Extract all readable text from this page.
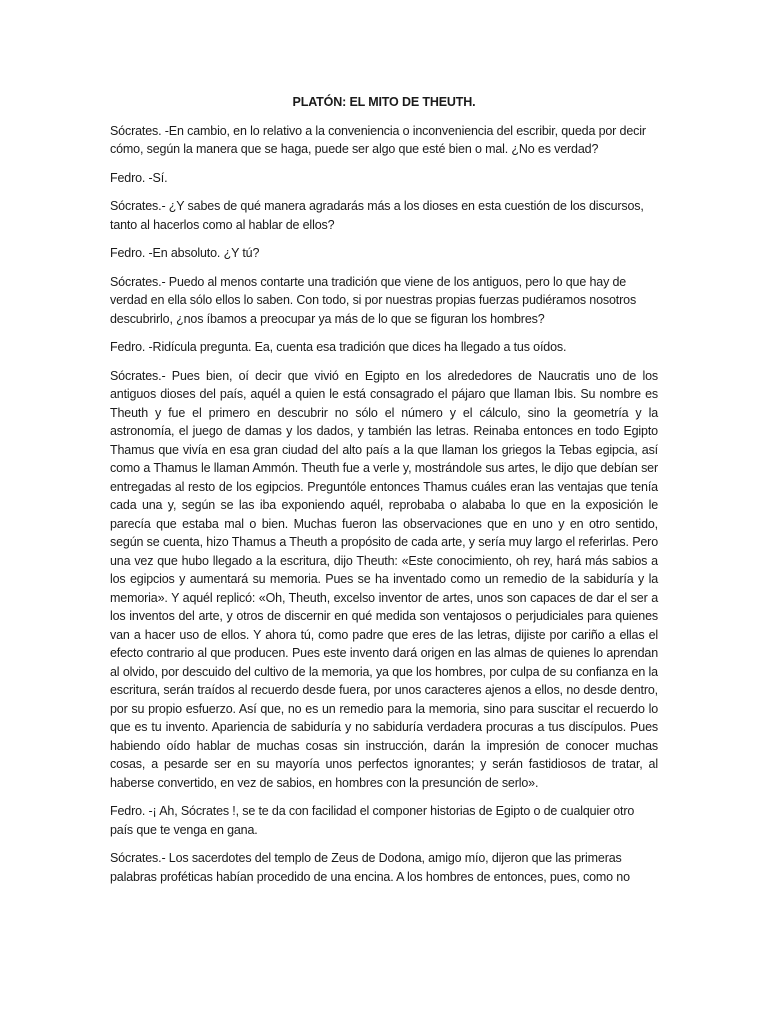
PLATÓN: EL MITO DE THEUTH.

Sócrates. -En cambio, en lo relativo a la conveniencia o inconveniencia del escribir, queda por decir cómo, según la manera que se haga, puede ser algo que esté bien o mal. ¿No es verdad?

Fedro. -Sí.

Sócrates.- ¿Y sabes de qué manera agradarás más a los dioses en esta cuestión de los discursos, tanto al hacerlos como al hablar de ellos?

Fedro. -En absoluto. ¿Y tú?

Sócrates.- Puedo al menos contarte una tradición que viene de los antiguos, pero lo que hay de verdad en ella sólo ellos lo saben. Con todo, si por nuestras propias fuerzas pudiéramos nosotros descubrirlo, ¿nos íbamos a preocupar ya más de lo que se figuran los hombres?

Fedro. -Ridícula pregunta. Ea, cuenta esa tradición que dices ha llegado a tus oídos.

Sócrates.- Pues bien, oí decir que vivió en Egipto en los alrededores de Naucratis uno de los antiguos dioses del país, aquél a quien le está consagrado el pájaro que llaman Ibis. Su nombre es Theuth y fue el primero en descubrir no sólo el número y el cálculo, sino la geometría y la astronomía, el juego de damas y los dados, y también las letras. Reinaba entonces en todo Egipto Thamus que vivía en esa gran ciudad del alto país a la que llaman los griegos la Tebas egipcia, así como a Thamus le llaman Ammón. Theuth fue a verle y, mostrándole sus artes, le dijo que debían ser entregadas al resto de los egipcios. Preguntóle entonces Thamus cuáles eran las ventajas que tenía cada una y, según se las iba exponiendo aquél, reprobaba o alababa lo que en la exposición le parecía que estaba mal o bien. Muchas fueron las observaciones que en uno y en otro sentido, según se cuenta, hizo Thamus a Theuth a propósito de cada arte, y sería muy largo el referirlas. Pero una vez que hubo llegado a la escritura, dijo Theuth: «Este conocimiento, oh rey, hará más sabios a los egipcios y aumentará su memoria. Pues se ha inventado como un remedio de la sabiduría y la memoria». Y aquél replicó: «Oh, Theuth, excelso inventor de artes, unos son capaces de dar el ser a los inventos del arte, y otros de discernir en qué medida son ventajosos o perjudiciales para quienes van a hacer uso de ellos. Y ahora tú, como padre que eres de las letras, dijiste por cariño a ellas el efecto contrario al que producen. Pues este invento dará origen en las almas de quienes lo aprendan al olvido, por descuido del cultivo de la memoria, ya que los hombres, por culpa de su confianza en la escritura, serán traídos al recuerdo desde fuera, por unos caracteres ajenos a ellos, no desde dentro, por su propio esfuerzo. Así que, no es un remedio para la memoria, sino para suscitar el recuerdo lo que es tu invento. Apariencia de sabiduría y no sabiduría verdadera procuras a tus discípulos. Pues habiendo oído hablar de muchas cosas sin instrucción, darán la impresión de conocer muchas cosas, a pesarde ser en su mayoría unos perfectos ignorantes; y serán fastidiosos de tratar, al haberse convertido, en vez de sabios, en hombres con la presunción de serlo».

Fedro. -¡ Ah, Sócrates !, se te da con facilidad el componer historias de Egipto o de cualquier otro país que te venga en gana.

Sócrates.- Los sacerdotes del templo de Zeus de Dodona, amigo mío, dijeron que las primeras palabras proféticas habían procedido de una encina. A los hombres de entonces, pues, como no
